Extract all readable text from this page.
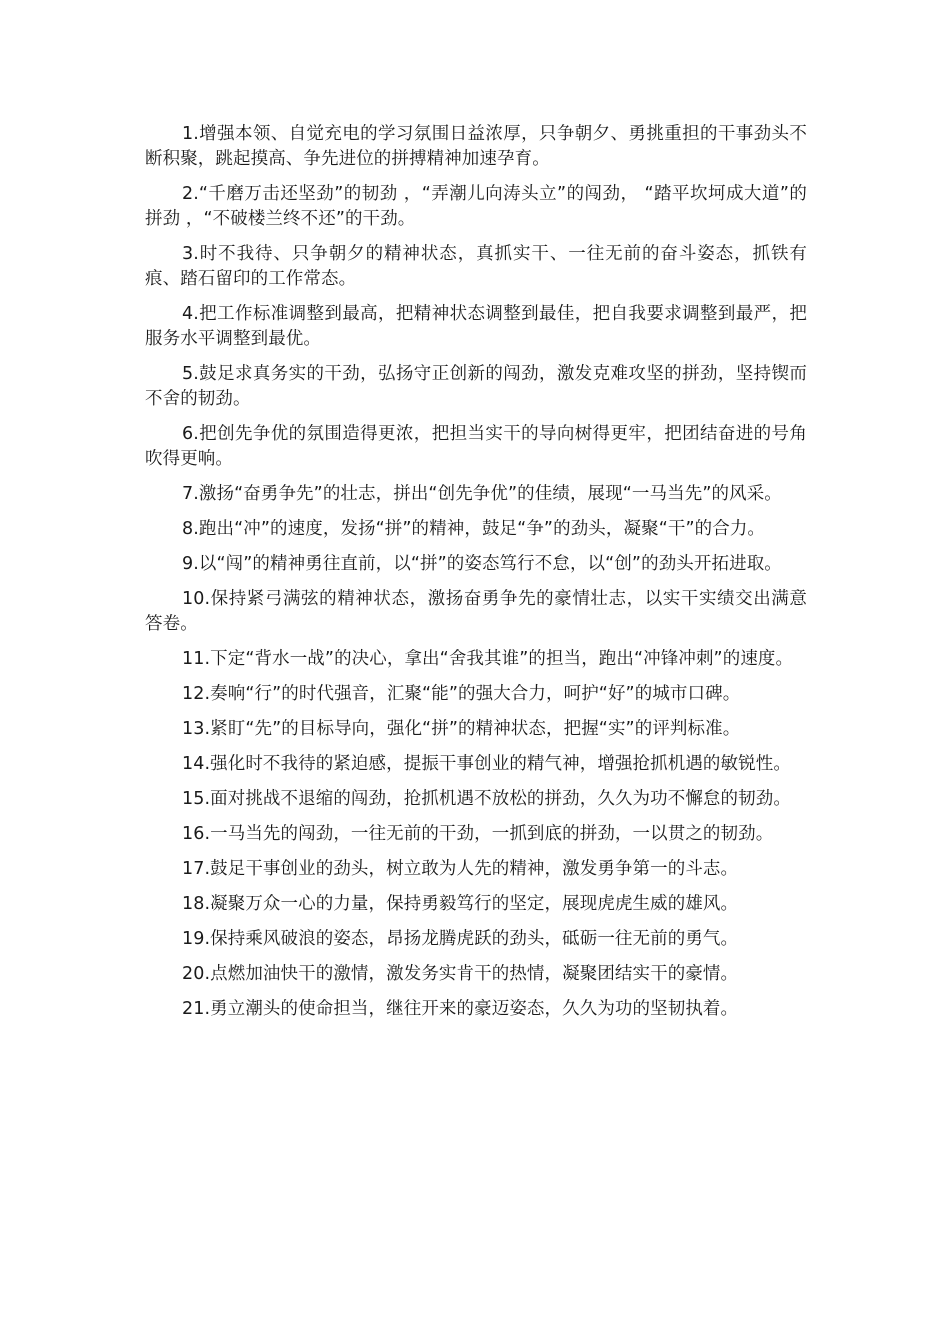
1.增强本领、自觉充电的学习氛围日益浓厚，只争朝夕、勇挑重担的干事劲头不断积聚，跳起摸高、争先进位的拼搏精神加速孕育。

2.“千磨万击还坚劲”的韧劲 ，“弄潮儿向涛头立”的闯劲， “踏平坎坷成大道”的拼劲 ，“不破楼兰终不还”的干劲。

3.时不我待、只争朝夕的精神状态，真抓实干、一往无前的奋斗姿态，抓铁有痕、踏石留印的工作常态。

4.把工作标准调整到最高，把精神状态调整到最佳，把自我要求调整到最严，把服务水平调整到最优。

5.鼓足求真务实的干劲，弘扬守正创新的闯劲，激发克难攻坚的拼劲，坚持锲而不舍的韧劲。

6.把创先争优的氛围造得更浓，把担当实干的导向树得更牢，把团结奋进的号角吹得更响。

7.激扬“奋勇争先”的壮志，拼出“创先争优”的佳绩，展现“一马当先”的风采。

8.跑出“冲”的速度，发扬“拼”的精神，鼓足“争”的劲头，凝聚“干”的合力。

9.以“闯”的精神勇往直前，以“拼”的姿态笃行不怠，以“创”的劲头开拓进取。

10.保持紧弓满弦的精神状态，激扬奋勇争先的豪情壮志，以实干实绩交出满意答卷。

11.下定“背水一战”的决心，拿出“舍我其谁”的担当，跑出“冲锋冲刺”的速度。

12.奏响“行”的时代强音，汇聚“能”的强大合力，呵护“好”的城市口碑。

13.紧盯“先”的目标导向，强化“拼”的精神状态，把握“实”的评判标准。

14.强化时不我待的紧迫感，提振干事创业的精气神，增强抢抓机遇的敏锐性。

15.面对挑战不退缩的闯劲，抢抓机遇不放松的拼劲，久久为功不懈怠的韧劲。

16.一马当先的闯劲，一往无前的干劲，一抓到底的拼劲，一以贯之的韧劲。

17.鼓足干事创业的劲头，树立敢为人先的精神，激发勇争第一的斗志。

18.凝聚万众一心的力量，保持勇毅笃行的坚定，展现虎虎生威的雄风。

19.保持乘风破浪的姿态，昂扬龙腾虎跃的劲头，砥砺一往无前的勇气。

20.点燃加油快干的激情，激发务实肯干的热情，凝聚团结实干的豪情。

21.勇立潮头的使命担当，继往开来的豪迈姿态，久久为功的坚韧执着。
